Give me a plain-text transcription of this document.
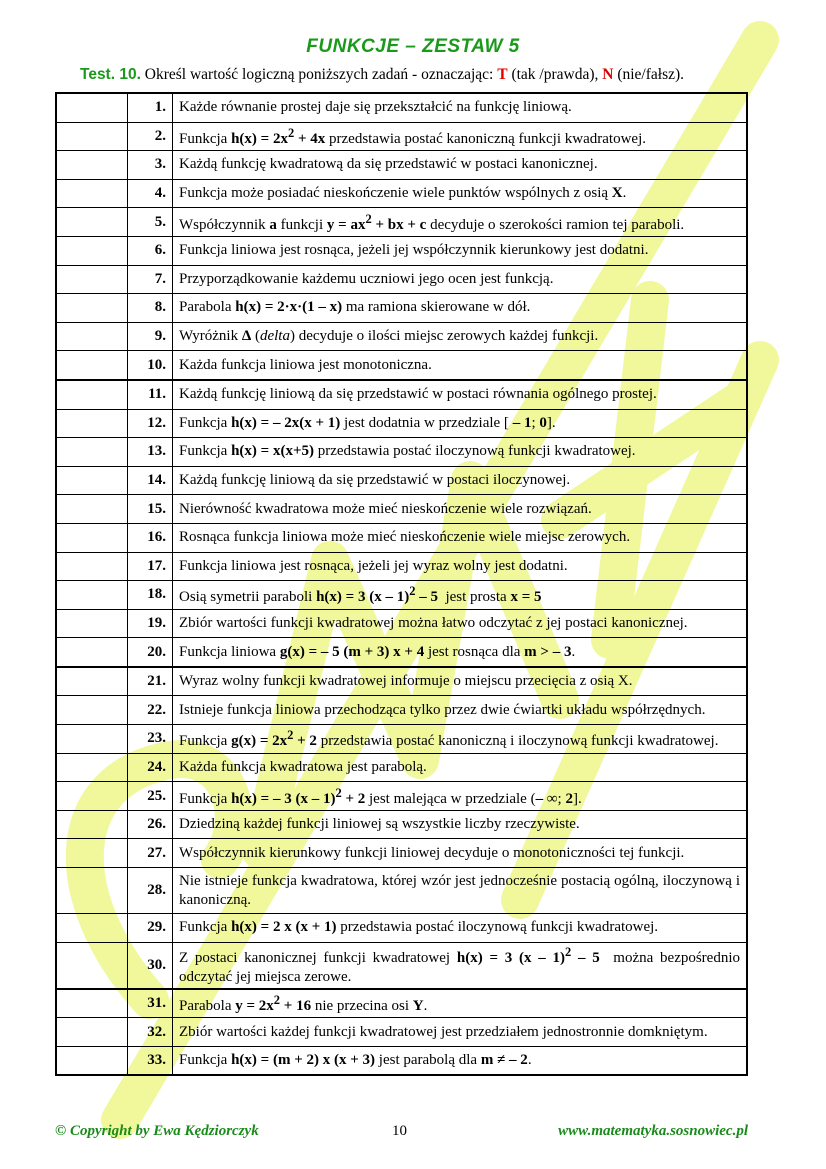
FUNKCJE – ZESTAW 5
Test. 10. Określ wartość logiczną poniższych zadań - oznaczając: T (tak /prawda), N (nie/fałsz).
	1.	Każde równanie prostej daje się przekształcić na funkcję liniową.
	2.	Funkcja $h(x) = 2x^2 + 4x$ przedstawia postać kanoniczną funkcji kwadratowej.
	3.	Każdą funkcję kwadratową da się przedstawić w postaci kanonicznej.
	4.	Funkcja może posiadać nieskończenie wiele punktów wspólnych z osią X.
	5.	Współczynnik a funkcji $y = ax^2$ + bx + c decyduje o szerokości ramion tej paraboli.
	6.	Funkcja liniowa jest rosnąca, jeżeli jej współczynnik kierunkowy jest dodatni.
	7.	Przyporządkowanie każdemu uczniowi jego ocen jest funkcją.
	8.	Parabola h(x) = 2·x·(1 – x) ma ramiona skierowane w dół.
	9.	Wyróżnik Δ (delta) decyduje o ilości miejsc zerowych każdej funkcji.
	10.	Każda funkcja liniowa jest monotoniczna.
	11.	Każdą funkcję liniową da się przedstawić w postaci równania ogólnego prostej.
	12.	Funkcja h(x) = – 2x(x + 1) jest dodatnia w przedziale [ – 1; 0].
	13.	Funkcja h(x) = x(x+5) przedstawia postać iloczynową funkcji kwadratowej.
	14.	Każdą funkcję liniową da się przedstawić w postaci iloczynowej.
	15.	Nierówność kwadratowa może mieć nieskończenie wiele rozwiązań.
	16.	Rosnąca funkcja liniowa może mieć nieskończenie wiele miejsc zerowych.
	17.	Funkcja liniowa jest rosnąca, jeżeli jej wyraz wolny jest dodatni.
	18.	Osią symetrii paraboli h(x) = 3 (x – 1)$^2$ – 5  jest prosta x = 5
	19.	Zbiór wartości funkcji kwadratowej można łatwo odczytać z jej postaci kanonicznej.
	20.	Funkcja liniowa g(x) = – 5 (m + 3) x + 4 jest rosnąca dla m > – 3.
	21.	Wyraz wolny funkcji kwadratowej informuje o miejscu przecięcia z osią X.
	22.	Istnieje funkcja liniowa przechodząca tylko przez dwie ćwiartki układu współrzędnych.
	23.	Funkcja $g(x) = 2x^2 + 2$ przedstawia postać kanoniczną i iloczynową funkcji kwadratowej.
	24.	Każda funkcja kwadratowa jest parabolą.
	25.	Funkcja h(x) = – 3 (x – 1)$^2$ + 2 jest malejąca w przedziale (– ∞; 2].
	26.	Dziedziną każdej funkcji liniowej są wszystkie liczby rzeczywiste.
	27.	Współczynnik kierunkowy funkcji liniowej decyduje o monotoniczności tej funkcji.
	28.	Nie istnieje funkcja kwadratowa, której wzór jest jednocześnie postacią ogólną, iloczynową i kanoniczną.
	29.	Funkcja h(x) = 2 x (x + 1) przedstawia postać iloczynową funkcji kwadratowej.
	30.	Z postaci kanonicznej funkcji kwadratowej h(x) = 3 (x – 1)$^2$ – 5  można bezpośrednio odczytać jej miejsca zerowe.
	31.	Parabola $y = 2x^2 + 16$ nie przecina osi Y.
	32.	Zbiór wartości każdej funkcji kwadratowej jest przedziałem jednostronnie domkniętym.
	33.	Funkcja h(x) = (m + 2) x (x + 3) jest parabolą dla m ≠ – 2.
© Copyright by Ewa Kędziorczyk	10	www.matematyka.sosnowiec.pl
